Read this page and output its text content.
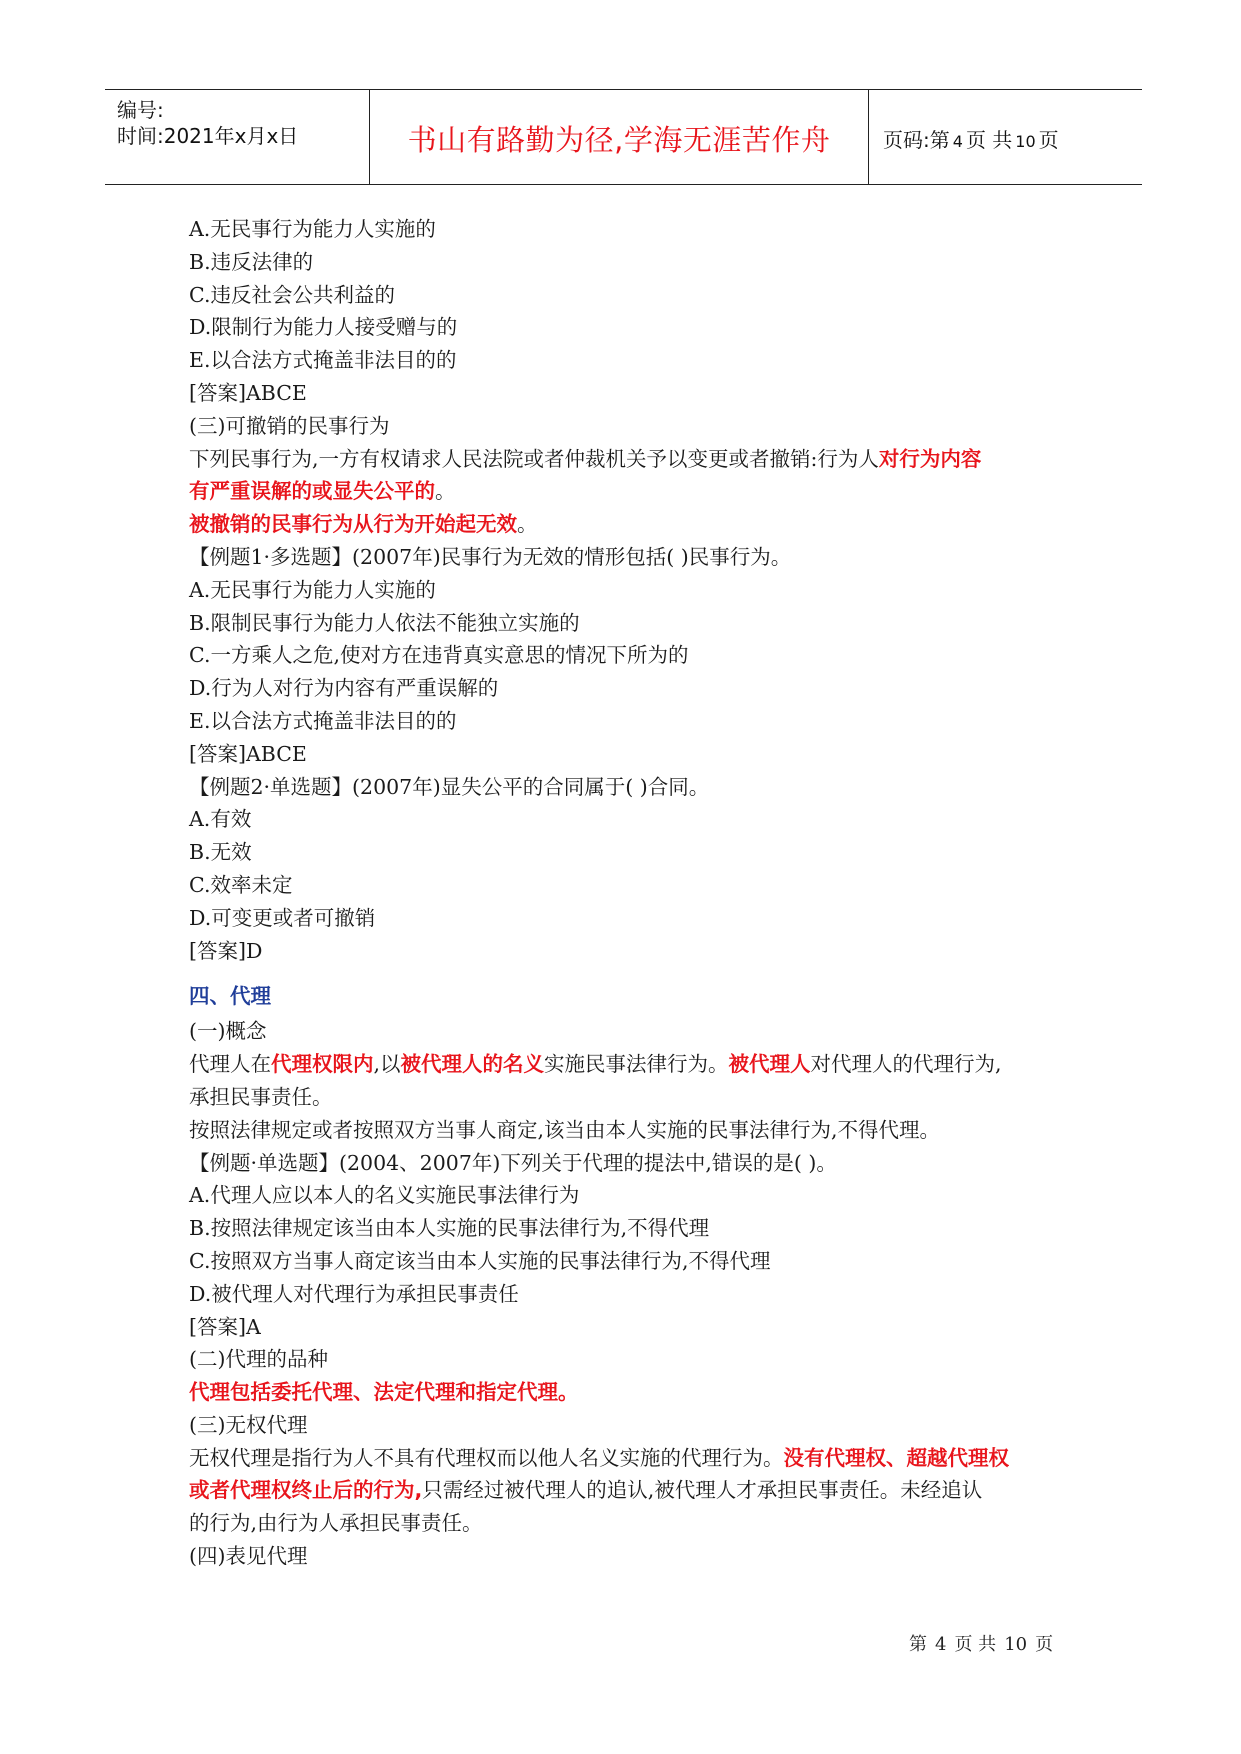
编号:
时间:2021年x月x日	书山有路勤为径,学海无涯苦作舟	页码:第 4 页 共 10 页
A.无民事行为能力人实施的
B.违反法律的
C.违反社会公共利益的
D.限制行为能力人接受赠与的
E.以合法方式掩盖非法目的的
[答案]ABCE
(三)可撤销的民事行为
下列民事行为,一方有权请求人民法院或者仲裁机关予以变更或者撤销:行为人对行为内容
有严重误解的或显失公平的。
被撤销的民事行为从行为开始起无效。
【例题1·多选题】(2007年)民事行为无效的情形包括( )民事行为。
A.无民事行为能力人实施的
B.限制民事行为能力人依法不能独立实施的
C.一方乘人之危,使对方在违背真实意思的情况下所为的
D.行为人对行为内容有严重误解的
E.以合法方式掩盖非法目的的
[答案]ABCE
【例题2·单选题】(2007年)显失公平的合同属于( )合同。
A.有效
B.无效
C.效率未定
D.可变更或者可撤销
[答案]D
四、代理
(一)概念
代理人在代理权限内,以被代理人的名义实施民事法律行为。被代理人对代理人的代理行为,
承担民事责任。
按照法律规定或者按照双方当事人商定,该当由本人实施的民事法律行为,不得代理。
【例题·单选题】(2004、2007年)下列关于代理的提法中,错误的是( )。
A.代理人应以本人的名义实施民事法律行为
B.按照法律规定该当由本人实施的民事法律行为,不得代理
C.按照双方当事人商定该当由本人实施的民事法律行为,不得代理
D.被代理人对代理行为承担民事责任
[答案]A
(二)代理的品种
代理包括委托代理、法定代理和指定代理。
(三)无权代理
无权代理是指行为人不具有代理权而以他人名义实施的代理行为。没有代理权、超越代理权
或者代理权终止后的行为,只需经过被代理人的追认,被代理人才承担民事责任。未经追认
的行为,由行为人承担民事责任。
(四)表见代理
第 4 页 共 10 页
